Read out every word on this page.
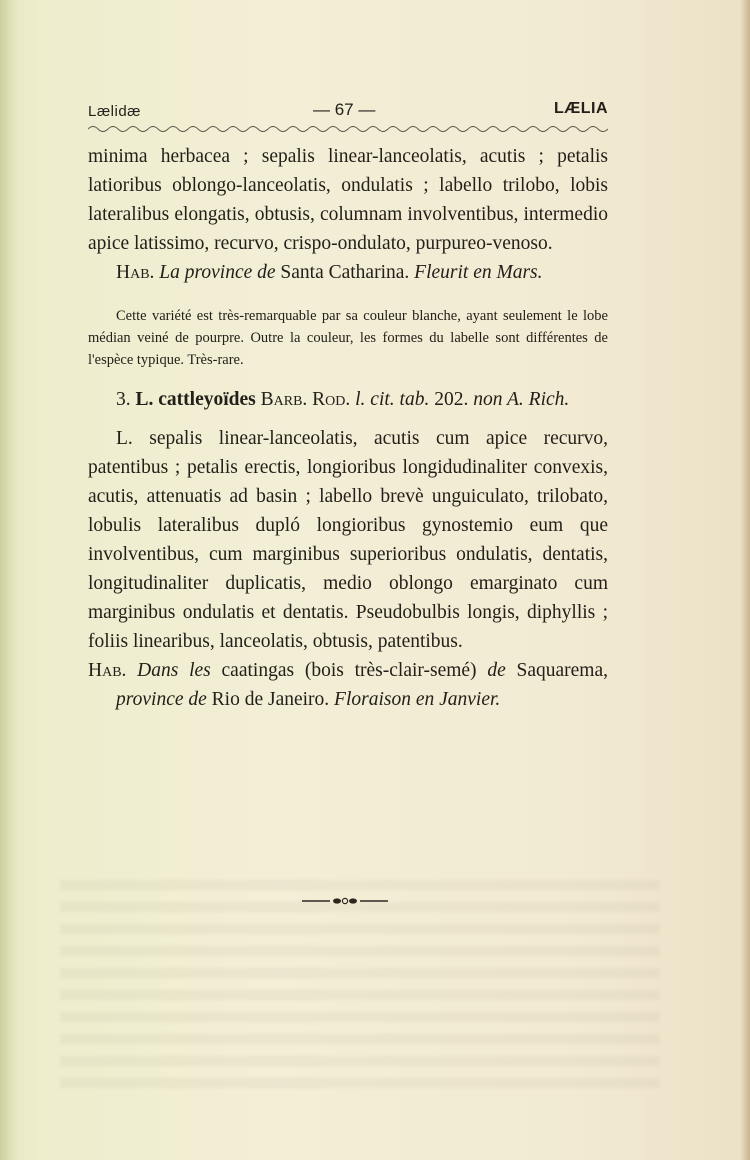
Lælidæ	— 67 —	LÆLIA

minima herbacea ; sepalis linear-lanceolatis, acutis ; petalis latioribus oblongo-lanceolatis, ondulatis ; labello trilobo, lobis lateralibus elongatis, obtusis, columnam involventibus, intermedio apice latissimo, recurvo, crispo-ondulato, purpureo-venoso.

Hab. La province de Santa Catharina. Fleurit en Mars.

Cette variété est très-remarquable par sa couleur blanche, ayant seulement le lobe médian veiné de pourpre. Outre la couleur, les formes du labelle sont différentes de l'espèce typique. Très-rare.

3. L. cattleyoïdes Barb. Rod. l. cit. tab. 202. non A. Rich.

L. sepalis linear-lanceolatis, acutis cum apice recurvo, patentibus ; petalis erectis, longioribus longidudinaliter convexis, acutis, attenuatis ad basin ; labello brevè unguiculato, trilobato, lobulis lateralibus dupló longioribus gynostemio eum que involventibus, cum marginibus superioribus ondulatis, dentatis, longitudinaliter duplicatis, medio oblongo emarginato cum marginibus ondulatis et dentatis. Pseudobulbis longis, diphyllis ; foliis linearibus, lanceolatis, obtusis, patentibus.

Hab. Dans les caatingas (bois très-clair-semé) de Saquarema, province de Rio de Janeiro. Floraison en Janvier.
